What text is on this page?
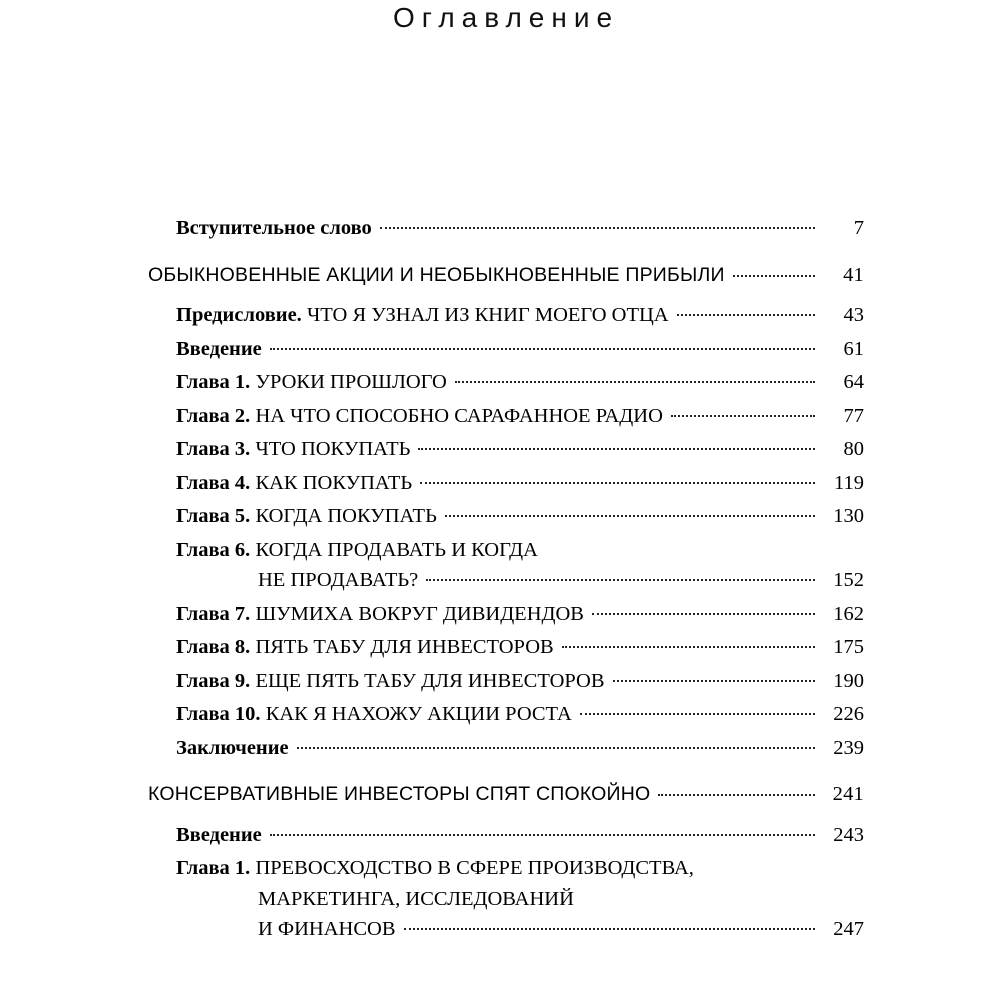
Оглавление
Вступительное слово	7
ОБЫКНОВЕННЫЕ АКЦИИ И НЕОБЫКНОВЕННЫЕ ПРИБЫЛИ	41
Предисловие. ЧТО Я УЗНАЛ ИЗ КНИГ МОЕГО ОТЦА	43
Введение	61
Глава 1. УРОКИ ПРОШЛОГО	64
Глава 2. НА ЧТО СПОСОБНО САРАФАННОЕ РАДИО	77
Глава 3. ЧТО ПОКУПАТЬ	80
Глава 4. КАК ПОКУПАТЬ	119
Глава 5. КОГДА ПОКУПАТЬ	130
Глава 6. КОГДА ПРОДАВАТЬ И КОГДА
НЕ ПРОДАВАТЬ?	152
Глава 7. ШУМИХА ВОКРУГ ДИВИДЕНДОВ	162
Глава 8. ПЯТЬ ТАБУ ДЛЯ ИНВЕСТОРОВ	175
Глава 9. ЕЩЕ ПЯТЬ ТАБУ ДЛЯ ИНВЕСТОРОВ	190
Глава 10. КАК Я НАХОЖУ АКЦИИ РОСТА	226
Заключение	239
КОНСЕРВАТИВНЫЕ ИНВЕСТОРЫ СПЯТ СПОКОЙНО	241
Введение	243
Глава 1. ПРЕВОСХОДСТВО В СФЕРЕ ПРОИЗВОДСТВА,
МАРКЕТИНГА, ИССЛЕДОВАНИЙ
И ФИНАНСОВ	247
